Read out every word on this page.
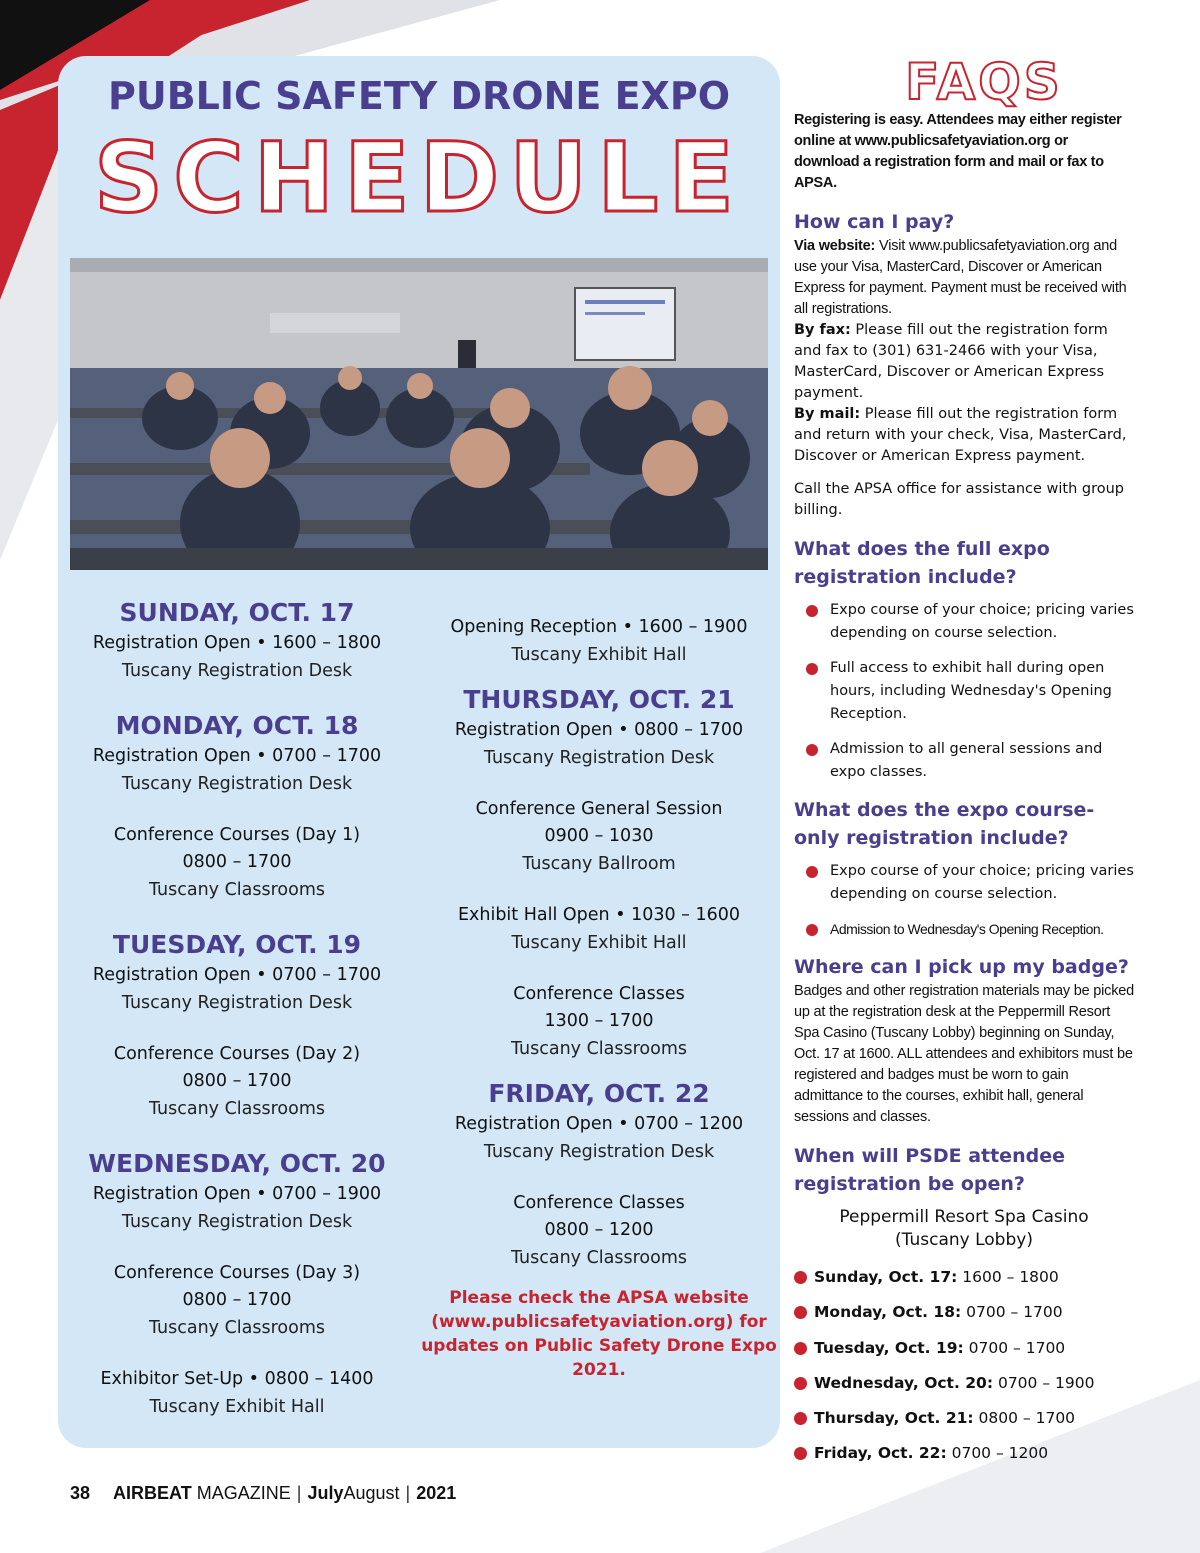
PUBLIC SAFETY DRONE EXPO
SCHEDULE
SUNDAY, OCT. 17
Registration Open • 1600 – 1800
Tuscany Registration Desk
MONDAY, OCT. 18
Registration Open • 0700 – 1700
Tuscany Registration Desk
Conference Courses (Day 1)
0800 – 1700
Tuscany Classrooms
TUESDAY, OCT. 19
Registration Open • 0700 – 1700
Tuscany Registration Desk
Conference Courses (Day 2)
0800 – 1700
Tuscany Classrooms
WEDNESDAY, OCT. 20
Registration Open • 0700 – 1900
Tuscany Registration Desk
Conference Courses (Day 3)
0800 – 1700
Tuscany Classrooms
Exhibitor Set-Up • 0800 – 1400
Tuscany Exhibit Hall
Opening Reception • 1600 – 1900
Tuscany Exhibit Hall
THURSDAY, OCT. 21
Registration Open • 0800 – 1700
Tuscany Registration Desk
Conference General Session
0900 – 1030
Tuscany Ballroom
Exhibit Hall Open • 1030 – 1600
Tuscany Exhibit Hall
Conference Classes
1300 – 1700
Tuscany Classrooms
FRIDAY, OCT. 22
Registration Open • 0700 – 1200
Tuscany Registration Desk
Conference Classes
0800 – 1200
Tuscany Classrooms
Please check the APSA website (www.publicsafetyaviation.org) for updates on Public Safety Drone Expo 2021.
FAQS
Registering is easy. Attendees may either register online at www.publicsafetyaviation.org or download a registration form and mail or fax to APSA.
How can I pay?
Via website: Visit www.publicsafetyaviation.org and use your Visa, MasterCard, Discover or American Express for payment. Payment must be received with all registrations.
By fax: Please fill out the registration form and fax to (301) 631-2466 with your Visa, MasterCard, Discover or American Express payment.
By mail: Please fill out the registration form and return with your check, Visa, MasterCard, Discover or American Express payment.
Call the APSA office for assistance with group billing.
What does the full expo registration include?
Expo course of your choice; pricing varies depending on course selection.
Full access to exhibit hall during open hours, including Wednesday's Opening Reception.
Admission to all general sessions and expo classes.
What does the expo course-only registration include?
Expo course of your choice; pricing varies depending on course selection.
Admission to Wednesday's Opening Reception.
Where can I pick up my badge?
Badges and other registration materials may be picked up at the registration desk at the Peppermill Resort Spa Casino (Tuscany Lobby) beginning on Sunday, Oct. 17 at 1600. ALL attendees and exhibitors must be registered and badges must be worn to gain admittance to the courses, exhibit hall, general sessions and classes.
When will PSDE attendee registration be open?
Peppermill Resort Spa Casino
(Tuscany Lobby)
Sunday, Oct. 17: 1600 – 1800
Monday, Oct. 18: 0700 – 1700
Tuesday, Oct. 19: 0700 – 1700
Wednesday, Oct. 20: 0700 – 1900
Thursday, Oct. 21: 0800 – 1700
Friday, Oct. 22: 0700 – 1200
38 AIRBEAT MAGAZINE | JulyAugust | 2021
